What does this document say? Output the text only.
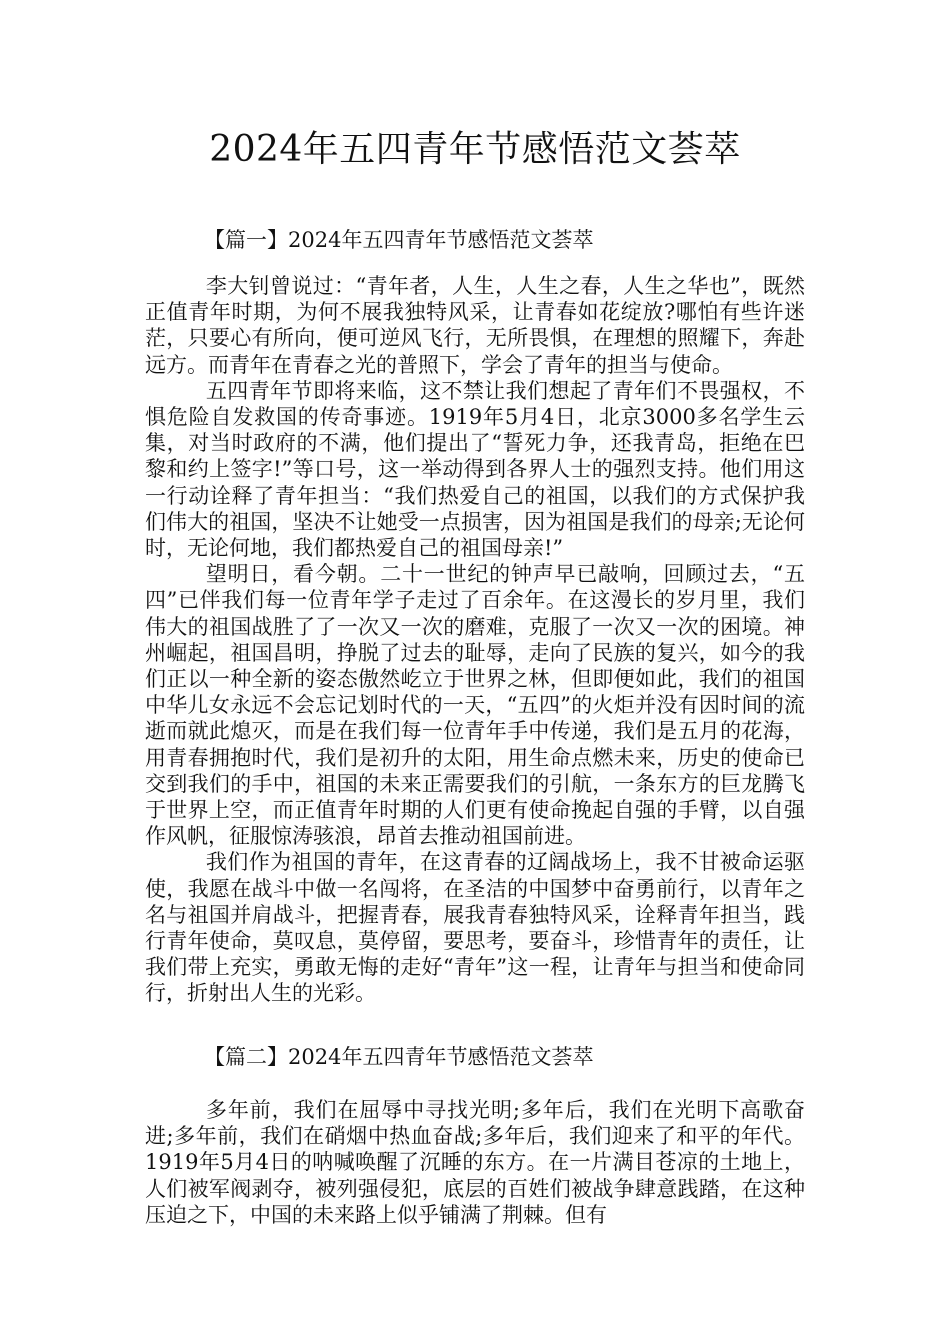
2024年五四青年节感悟范文荟萃
【篇一】2024年五四青年节感悟范文荟萃

李大钊曾说过：“青年者，人生，人生之春，人生之华也”，既然正值青年时期，为何不展我独特风采，让青春如花绽放?哪怕有些许迷茫，只要心有所向，便可逆风飞行，无所畏惧，在理想的照耀下，奔赴远方。而青年在青春之光的普照下，学会了青年的担当与使命。

五四青年节即将来临，这不禁让我们想起了青年们不畏强权，不惧危险自发救国的传奇事迹。1919年5月4日，北京3000多名学生云集，对当时政府的不满，他们提出了“誓死力争，还我青岛，拒绝在巴黎和约上签字!”等口号，这一举动得到各界人士的强烈支持。他们用这一行动诠释了青年担当：“我们热爱自己的祖国，以我们的方式保护我们伟大的祖国，坚决不让她受一点损害，因为祖国是我们的母亲;无论何时，无论何地，我们都热爱自己的祖国母亲!”

望明日，看今朝。二十一世纪的钟声早已敲响，回顾过去，“五四”已伴我们每一位青年学子走过了百余年。在这漫长的岁月里，我们伟大的祖国战胜了了一次又一次的磨难，克服了一次又一次的困境。神州崛起，祖国昌明，挣脱了过去的耻辱，走向了民族的复兴，如今的我们正以一种全新的姿态傲然屹立于世界之林，但即便如此，我们的祖国中华儿女永远不会忘记划时代的一天，“五四”的火炬并没有因时间的流逝而就此熄灭，而是在我们每一位青年手中传递，我们是五月的花海，用青春拥抱时代，我们是初升的太阳，用生命点燃未来，历史的使命已交到我们的手中，祖国的未来正需要我们的引航，一条东方的巨龙腾飞于世界上空，而正值青年时期的人们更有使命挽起自强的手臂，以自强作风帆，征服惊涛骇浪，昂首去推动祖国前进。

我们作为祖国的青年，在这青春的辽阔战场上，我不甘被命运驱使，我愿在战斗中做一名闯将，在圣洁的中国梦中奋勇前行，以青年之名与祖国并肩战斗，把握青春，展我青春独特风采，诠释青年担当，践行青年使命，莫叹息，莫停留，要思考，要奋斗，珍惜青年的责任，让我们带上充实，勇敢无悔的走好“青年”这一程，让青年与担当和使命同行，折射出人生的光彩。

【篇二】2024年五四青年节感悟范文荟萃

多年前，我们在屈辱中寻找光明;多年后，我们在光明下高歌奋进;多年前，我们在硝烟中热血奋战;多年后，我们迎来了和平的年代。1919年5月4日的呐喊唤醒了沉睡的东方。在一片满目苍凉的土地上，人们被军阀剥夺，被列强侵犯，底层的百姓们被战争肆意践踏，在这种压迫之下，中国的未来路上似乎铺满了荆棘。但有
